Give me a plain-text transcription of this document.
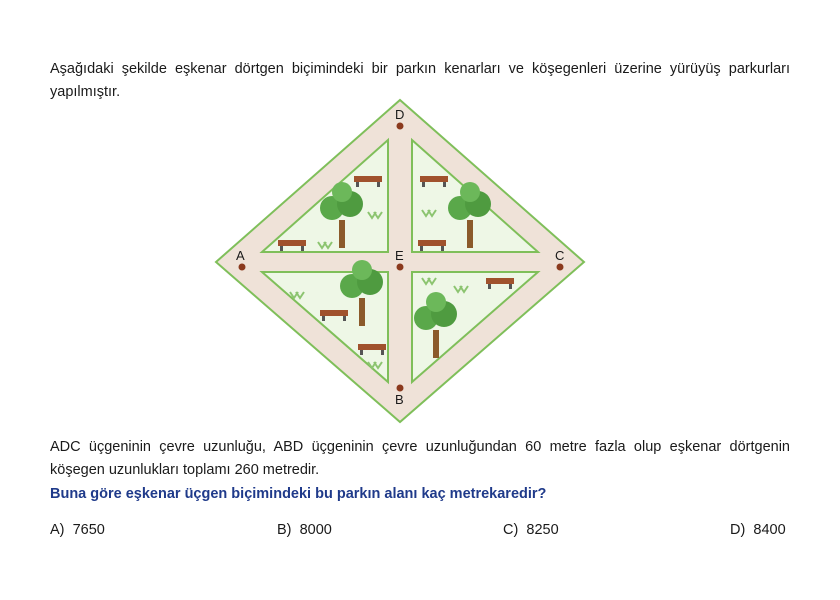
Aşağıdaki şekilde eşkenar dörtgen biçimindeki bir parkın kenarları ve köşegenleri üzerine yürüyüş parkurları yapılmıştır.
D
A	E	C
B
ADC üçgeninin çevre uzunluğu, ABD üçgeninin çevre uzunluğundan 60 metre fazla olup eşkenar dörtgenin köşegen uzunlukları toplamı 260 metredir.
Buna göre eşkenar üçgen biçimindeki bu parkın alanı kaç metrekaredir?
A) 7650	B) 8000	C) 8250	D) 8400
